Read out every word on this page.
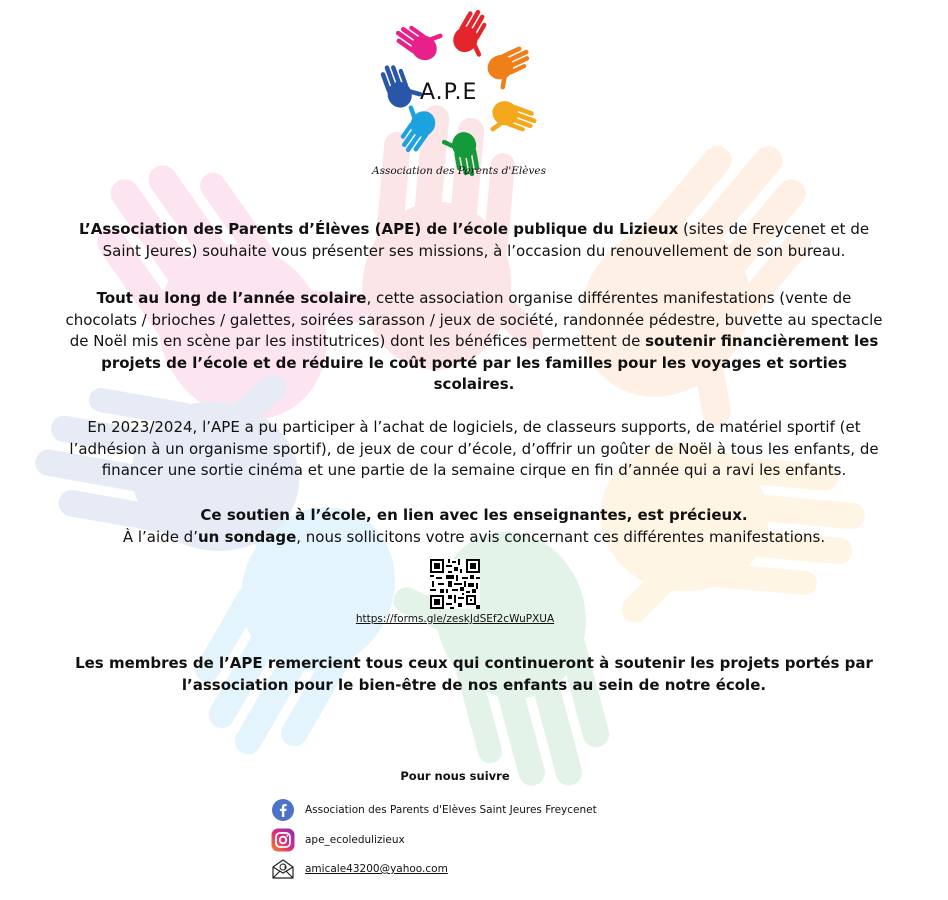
A.P.E
Association des Parents d'Elèves

L’Association des Parents d’Élèves (APE) de l’école publique du Lizieux (sites de Freycenet et de Saint Jeures) souhaite vous présenter ses missions, à l’occasion du renouvellement de son bureau.

Tout au long de l’année scolaire, cette association organise différentes manifestations (vente de chocolats / brioches / galettes, soirées sarasson / jeux de société, randonnée pédestre, buvette au spectacle de Noël mis en scène par les institutrices) dont les bénéfices permettent de soutenir financièrement les projets de l’école et de réduire le coût porté par les familles pour les voyages et sorties scolaires.

En 2023/2024, l’APE a pu participer à l’achat de logiciels, de classeurs supports, de matériel sportif (et l’adhésion à un organisme sportif), de jeux de cour d’école, d’offrir un goûter de Noël à tous les enfants, de financer une sortie cinéma et une partie de la semaine cirque en fin d’année qui a ravi les enfants.

Ce soutien à l’école, en lien avec les enseignantes, est précieux.
À l’aide d’un sondage, nous sollicitons votre avis concernant ces différentes manifestations.

https://forms.gle/zeskJdSEf2cWuPXUA

Les membres de l’APE remercient tous ceux qui continueront à soutenir les projets portés par l’association pour le bien-être de nos enfants au sein de notre école.

Pour nous suivre
Association des Parents d'Elèves Saint Jeures Freycenet
ape_ecoledulizieux
amicale43200@yahoo.com
